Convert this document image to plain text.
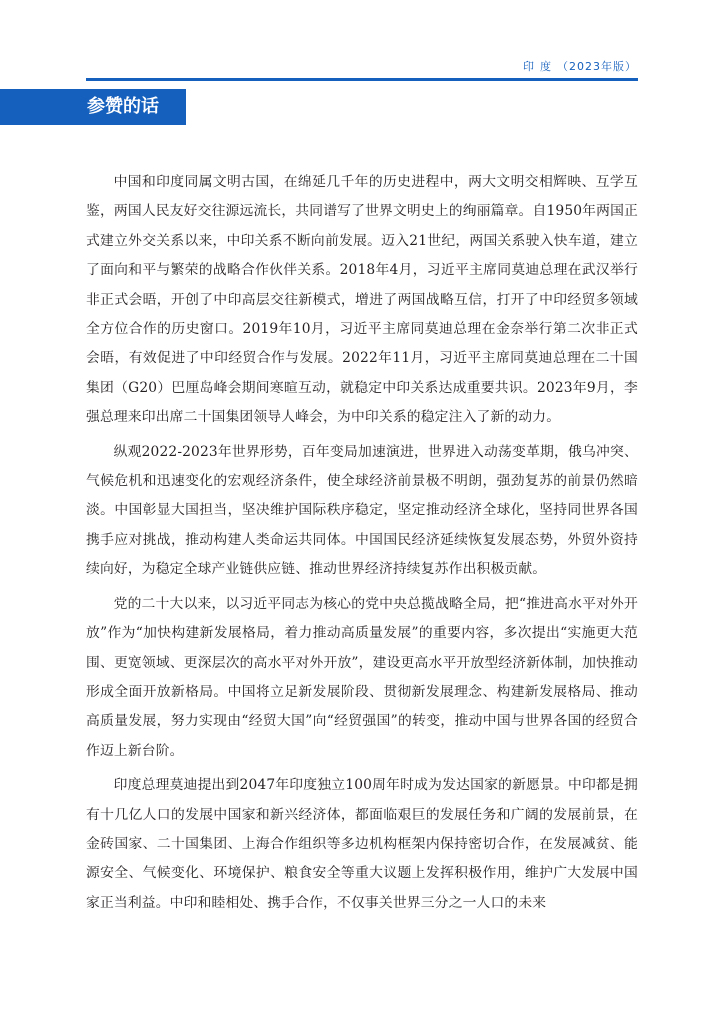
印度（2023年版）
参赞的话

中国和印度同属文明古国，在绵延几千年的历史进程中，两大文明交相辉映、互学互鉴，两国人民友好交往源远流长，共同谱写了世界文明史上的绚丽篇章。自1950年两国正式建立外交关系以来，中印关系不断向前发展。迈入21世纪，两国关系驶入快车道，建立了面向和平与繁荣的战略合作伙伴关系。2018年4月，习近平主席同莫迪总理在武汉举行非正式会晤，开创了中印高层交往新模式，增进了两国战略互信，打开了中印经贸多领域全方位合作的历史窗口。2019年10月，习近平主席同莫迪总理在金奈举行第二次非正式会晤，有效促进了中印经贸合作与发展。2022年11月，习近平主席同莫迪总理在二十国集团（G20）巴厘岛峰会期间寒暄互动，就稳定中印关系达成重要共识。2023年9月，李强总理来印出席二十国集团领导人峰会，为中印关系的稳定注入了新的动力。

纵观2022-2023年世界形势，百年变局加速演进，世界进入动荡变革期，俄乌冲突、气候危机和迅速变化的宏观经济条件，使全球经济前景极不明朗，强劲复苏的前景仍然暗淡。中国彰显大国担当，坚决维护国际秩序稳定，坚定推动经济全球化，坚持同世界各国携手应对挑战，推动构建人类命运共同体。中国国民经济延续恢复发展态势，外贸外资持续向好，为稳定全球产业链供应链、推动世界经济持续复苏作出积极贡献。

党的二十大以来，以习近平同志为核心的党中央总揽战略全局，把“推进高水平对外开放”作为“加快构建新发展格局，着力推动高质量发展”的重要内容，多次提出“实施更大范围、更宽领域、更深层次的高水平对外开放”，建设更高水平开放型经济新体制，加快推动形成全面开放新格局。中国将立足新发展阶段、贯彻新发展理念、构建新发展格局、推动高质量发展，努力实现由“经贸大国”向“经贸强国”的转变，推动中国与世界各国的经贸合作迈上新台阶。

印度总理莫迪提出到2047年印度独立100周年时成为发达国家的新愿景。中印都是拥有十几亿人口的发展中国家和新兴经济体，都面临艰巨的发展任务和广阔的发展前景，在金砖国家、二十国集团、上海合作组织等多边机构框架内保持密切合作，在发展减贫、能源安全、气候变化、环境保护、粮食安全等重大议题上发挥积极作用，维护广大发展中国家正当利益。中印和睦相处、携手合作，不仅事关世界三分之一人口的未来
